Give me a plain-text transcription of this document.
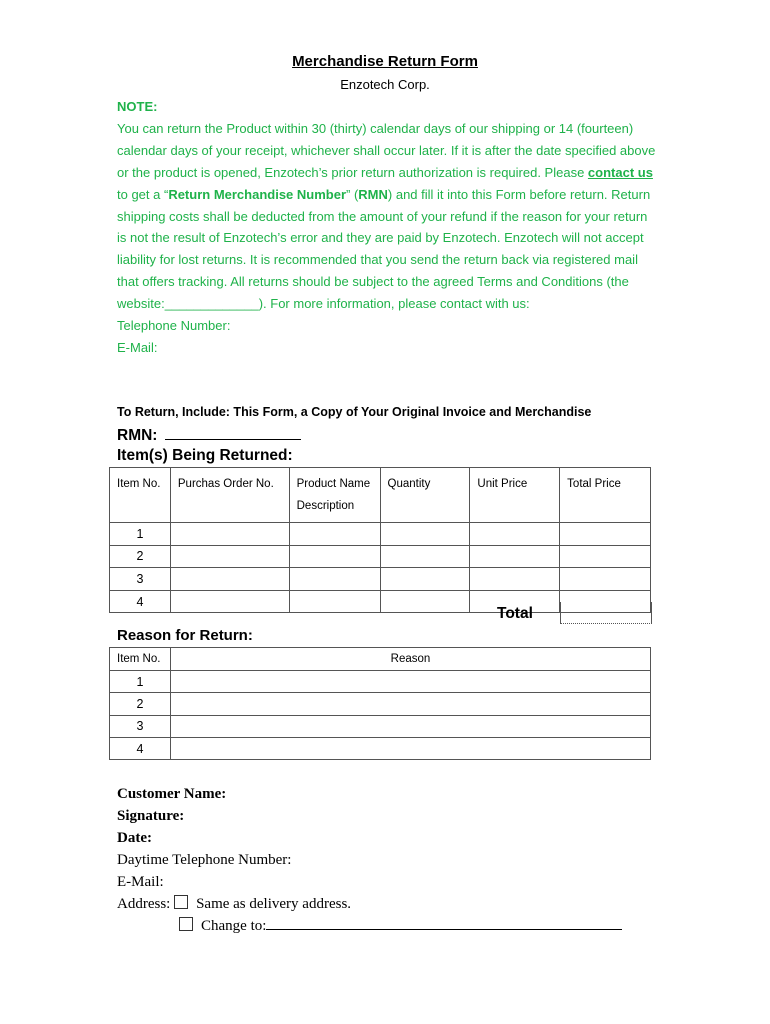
Merchandise Return Form
Enzotech Corp.
NOTE:
You can return the Product within 30 (thirty) calendar days of our shipping or 14 (fourteen) calendar days of your receipt, whichever shall occur later. If it is after the date specified above or the product is opened, Enzotech’s prior return authorization is required. Please contact us to get a “Return Merchandise Number” (RMN) and fill it into this Form before return. Return shipping costs shall be deducted from the amount of your refund if the reason for your return is not the result of Enzotech’s error and they are paid by Enzotech. Enzotech will not accept liability for lost returns. It is recommended that you send the return back via registered mail that offers tracking. All returns should be subject to the agreed Terms and Conditions (the website:_____________). For more information, please contact with us:
Telephone Number:
E-Mail:
To Return, Include: This Form, a Copy of Your Original Invoice and Merchandise
RMN:
Item(s) Being Returned:
Item No.	Purchas Order No.	Product Name Description	Quantity	Unit Price	Total Price
1					
2					
3					
4					
Total
Reason for Return:
Item No.	Reason
1	
2	
3	
4	
Customer Name:
Signature:
Date:
Daytime Telephone Number:
E-Mail:
Address: Same as delivery address.
Change to:
